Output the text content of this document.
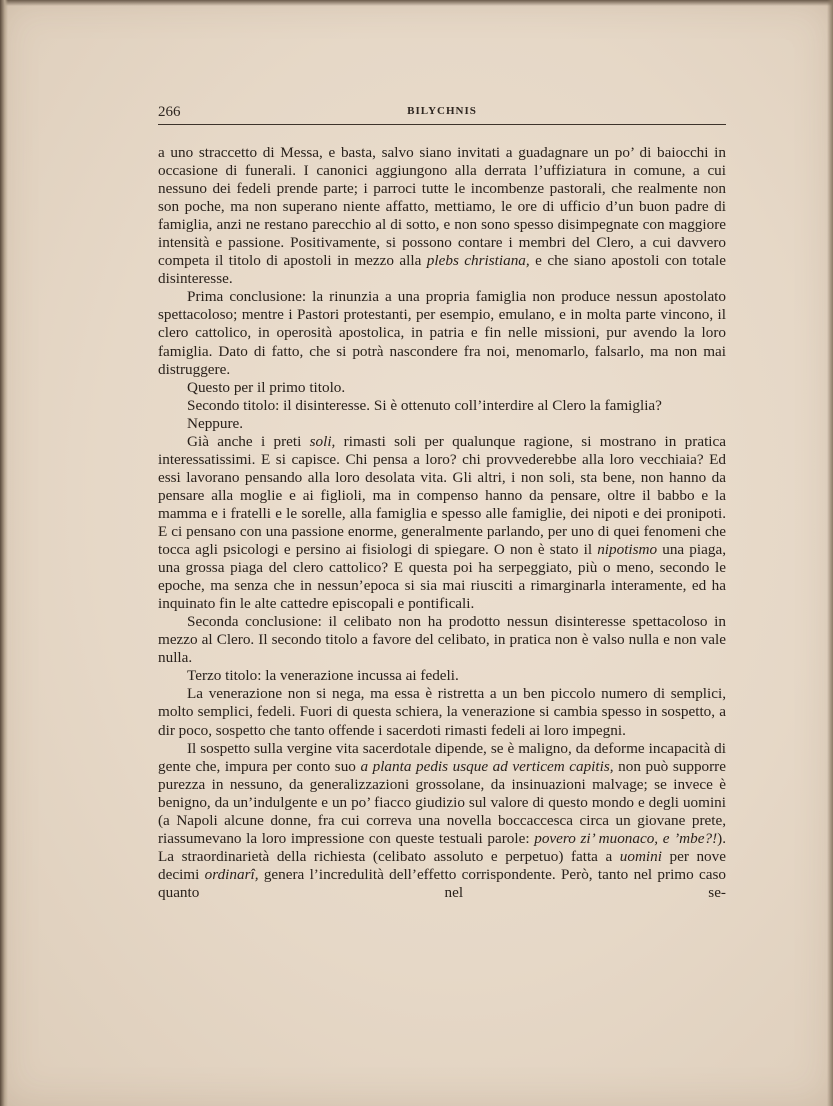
266	BILYCHNIS

a uno straccetto di Messa, e basta, salvo siano invitati a guadagnare un po’ di baiocchi in occasione di funerali. I canonici aggiungono alla derrata l’uffiziatura in comune, a cui nessuno dei fedeli prende parte; i parroci tutte le incombenze pastorali, che realmente non son poche, ma non superano niente affatto, mettiamo, le ore di ufficio d’un buon padre di famiglia, anzi ne restano parecchio al di sotto, e non sono spesso disimpegnate con maggiore intensità e passione. Positivamente, si possono contare i membri del Clero, a cui davvero competa il titolo di apostoli in mezzo alla plebs christiana, e che siano apostoli con totale disinteresse.

Prima conclusione: la rinunzia a una propria famiglia non produce nessun apostolato spettacoloso; mentre i Pastori protestanti, per esempio, emulano, e in molta parte vincono, il clero cattolico, in operosità apostolica, in patria e fin nelle missioni, pur avendo la loro famiglia. Dato di fatto, che si potrà nascondere fra noi, menomarlo, falsarlo, ma non mai distruggere.

Questo per il primo titolo.

Secondo titolo: il disinteresse. Si è ottenuto coll’interdire al Clero la famiglia?

Neppure.

Già anche i preti soli, rimasti soli per qualunque ragione, si mostrano in pratica interessatissimi. E si capisce. Chi pensa a loro? chi provvederebbe alla loro vecchiaia? Ed essi lavorano pensando alla loro desolata vita. Gli altri, i non soli, sta bene, non hanno da pensare alla moglie e ai figlioli, ma in compenso hanno da pensare, oltre il babbo e la mamma e i fratelli e le sorelle, alla famiglia e spesso alle famiglie, dei nipoti e dei pronipoti. E ci pensano con una passione enorme, generalmente parlando, per uno di quei fenomeni che tocca agli psicologi e persino ai fisiologi di spiegare. O non è stato il nipotismo una piaga, una grossa piaga del clero cattolico? E questa poi ha serpeggiato, più o meno, secondo le epoche, ma senza che in nessun’epoca si sia mai riusciti a rimarginarla interamente, ed ha inquinato fin le alte cattedre episcopali e pontificali.

Seconda conclusione: il celibato non ha prodotto nessun disinteresse spettacoloso in mezzo al Clero. Il secondo titolo a favore del celibato, in pratica non è valso nulla e non vale nulla.

Terzo titolo: la venerazione incussa ai fedeli.

La venerazione non si nega, ma essa è ristretta a un ben piccolo numero di semplici, molto semplici, fedeli. Fuori di questa schiera, la venerazione si cambia spesso in sospetto, a dir poco, sospetto che tanto offende i sacerdoti rimasti fedeli ai loro impegni.

Il sospetto sulla vergine vita sacerdotale dipende, se è maligno, da deforme incapacità di gente che, impura per conto suo a planta pedis usque ad verticem capitis, non può supporre purezza in nessuno, da generalizzazioni grossolane, da insinuazioni malvage; se invece è benigno, da un’indulgente e un po’ fiacco giudizio sul valore di questo mondo e degli uomini (a Napoli alcune donne, fra cui correva una novella boccaccesca circa un giovane prete, riassumevano la loro impressione con queste testuali parole: povero zi’ muonaco, e ’mbe?!). La straordinarietà della richiesta (celibato assoluto e perpetuo) fatta a uomini per nove decimi ordinarî, genera l’incredulità dell’effetto corrispondente. Però, tanto nel primo caso quanto nel se-
